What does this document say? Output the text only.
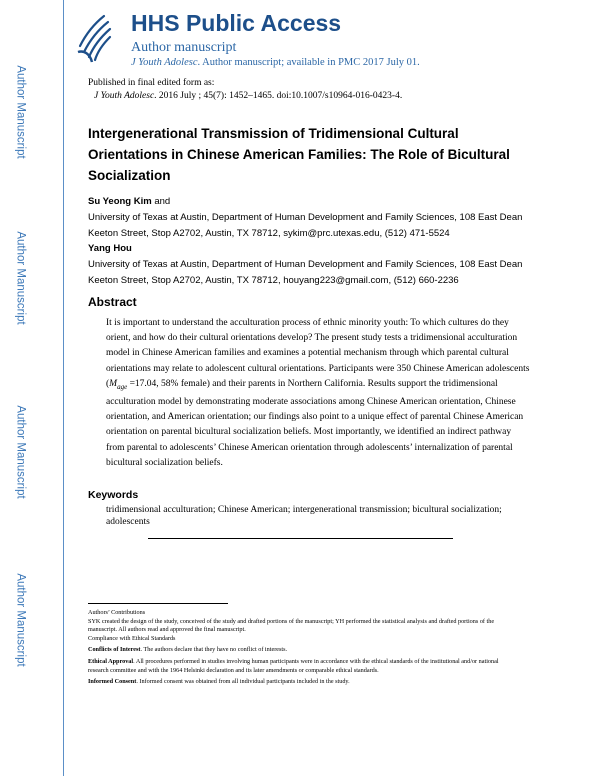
Author Manuscript
Author Manuscript
Author Manuscript
Author Manuscript
HHS Public Access
Author manuscript
J Youth Adolesc. Author manuscript; available in PMC 2017 July 01.
Published in final edited form as:
J Youth Adolesc. 2016 July ; 45(7): 1452–1465. doi:10.1007/s10964-016-0423-4.
Intergenerational Transmission of Tridimensional Cultural Orientations in Chinese American Families: The Role of Bicultural Socialization
Su Yeong Kim and
University of Texas at Austin, Department of Human Development and Family Sciences, 108 East Dean Keeton Street, Stop A2702, Austin, TX 78712, sykim@prc.utexas.edu, (512) 471-5524
Yang Hou
University of Texas at Austin, Department of Human Development and Family Sciences, 108 East Dean Keeton Street, Stop A2702, Austin, TX 78712, houyang223@gmail.com, (512) 660-2236
Abstract
It is important to understand the acculturation process of ethnic minority youth: To which cultures do they orient, and how do their cultural orientations develop? The present study tests a tridimensional acculturation model in Chinese American families and examines a potential mechanism through which parental cultural orientations may relate to adolescent cultural orientations. Participants were 350 Chinese American adolescents ($M_{age} =17.04$, 58% female) and their parents in Northern California. Results support the tridimensional acculturation model by demonstrating moderate associations among Chinese American orientation, Chinese orientation, and American orientation; our findings also point to a unique effect of parental Chinese American orientation on parental bicultural socialization beliefs. Most importantly, we identified an indirect pathway from parental to adolescents’ Chinese American orientation through adolescents’ internalization of parental bicultural socialization beliefs.
Keywords
tridimensional acculturation; Chinese American; intergenerational transmission; bicultural socialization; adolescents
Authors’ Contributions
SYK created the design of the study, conceived of the study and drafted portions of the manuscript; YH performed the statistical analysis and drafted portions of the manuscript. All authors read and approved the final manuscript.
Compliance with Ethical Standards
Conflicts of Interest. The authors declare that they have no conflict of interests.
Ethical Approval. All procedures performed in studies involving human participants were in accordance with the ethical standards of the institutional and/or national research committee and with the 1964 Helsinki declaration and its later amendments or comparable ethical standards.
Informed Consent. Informed consent was obtained from all individual participants included in the study.
